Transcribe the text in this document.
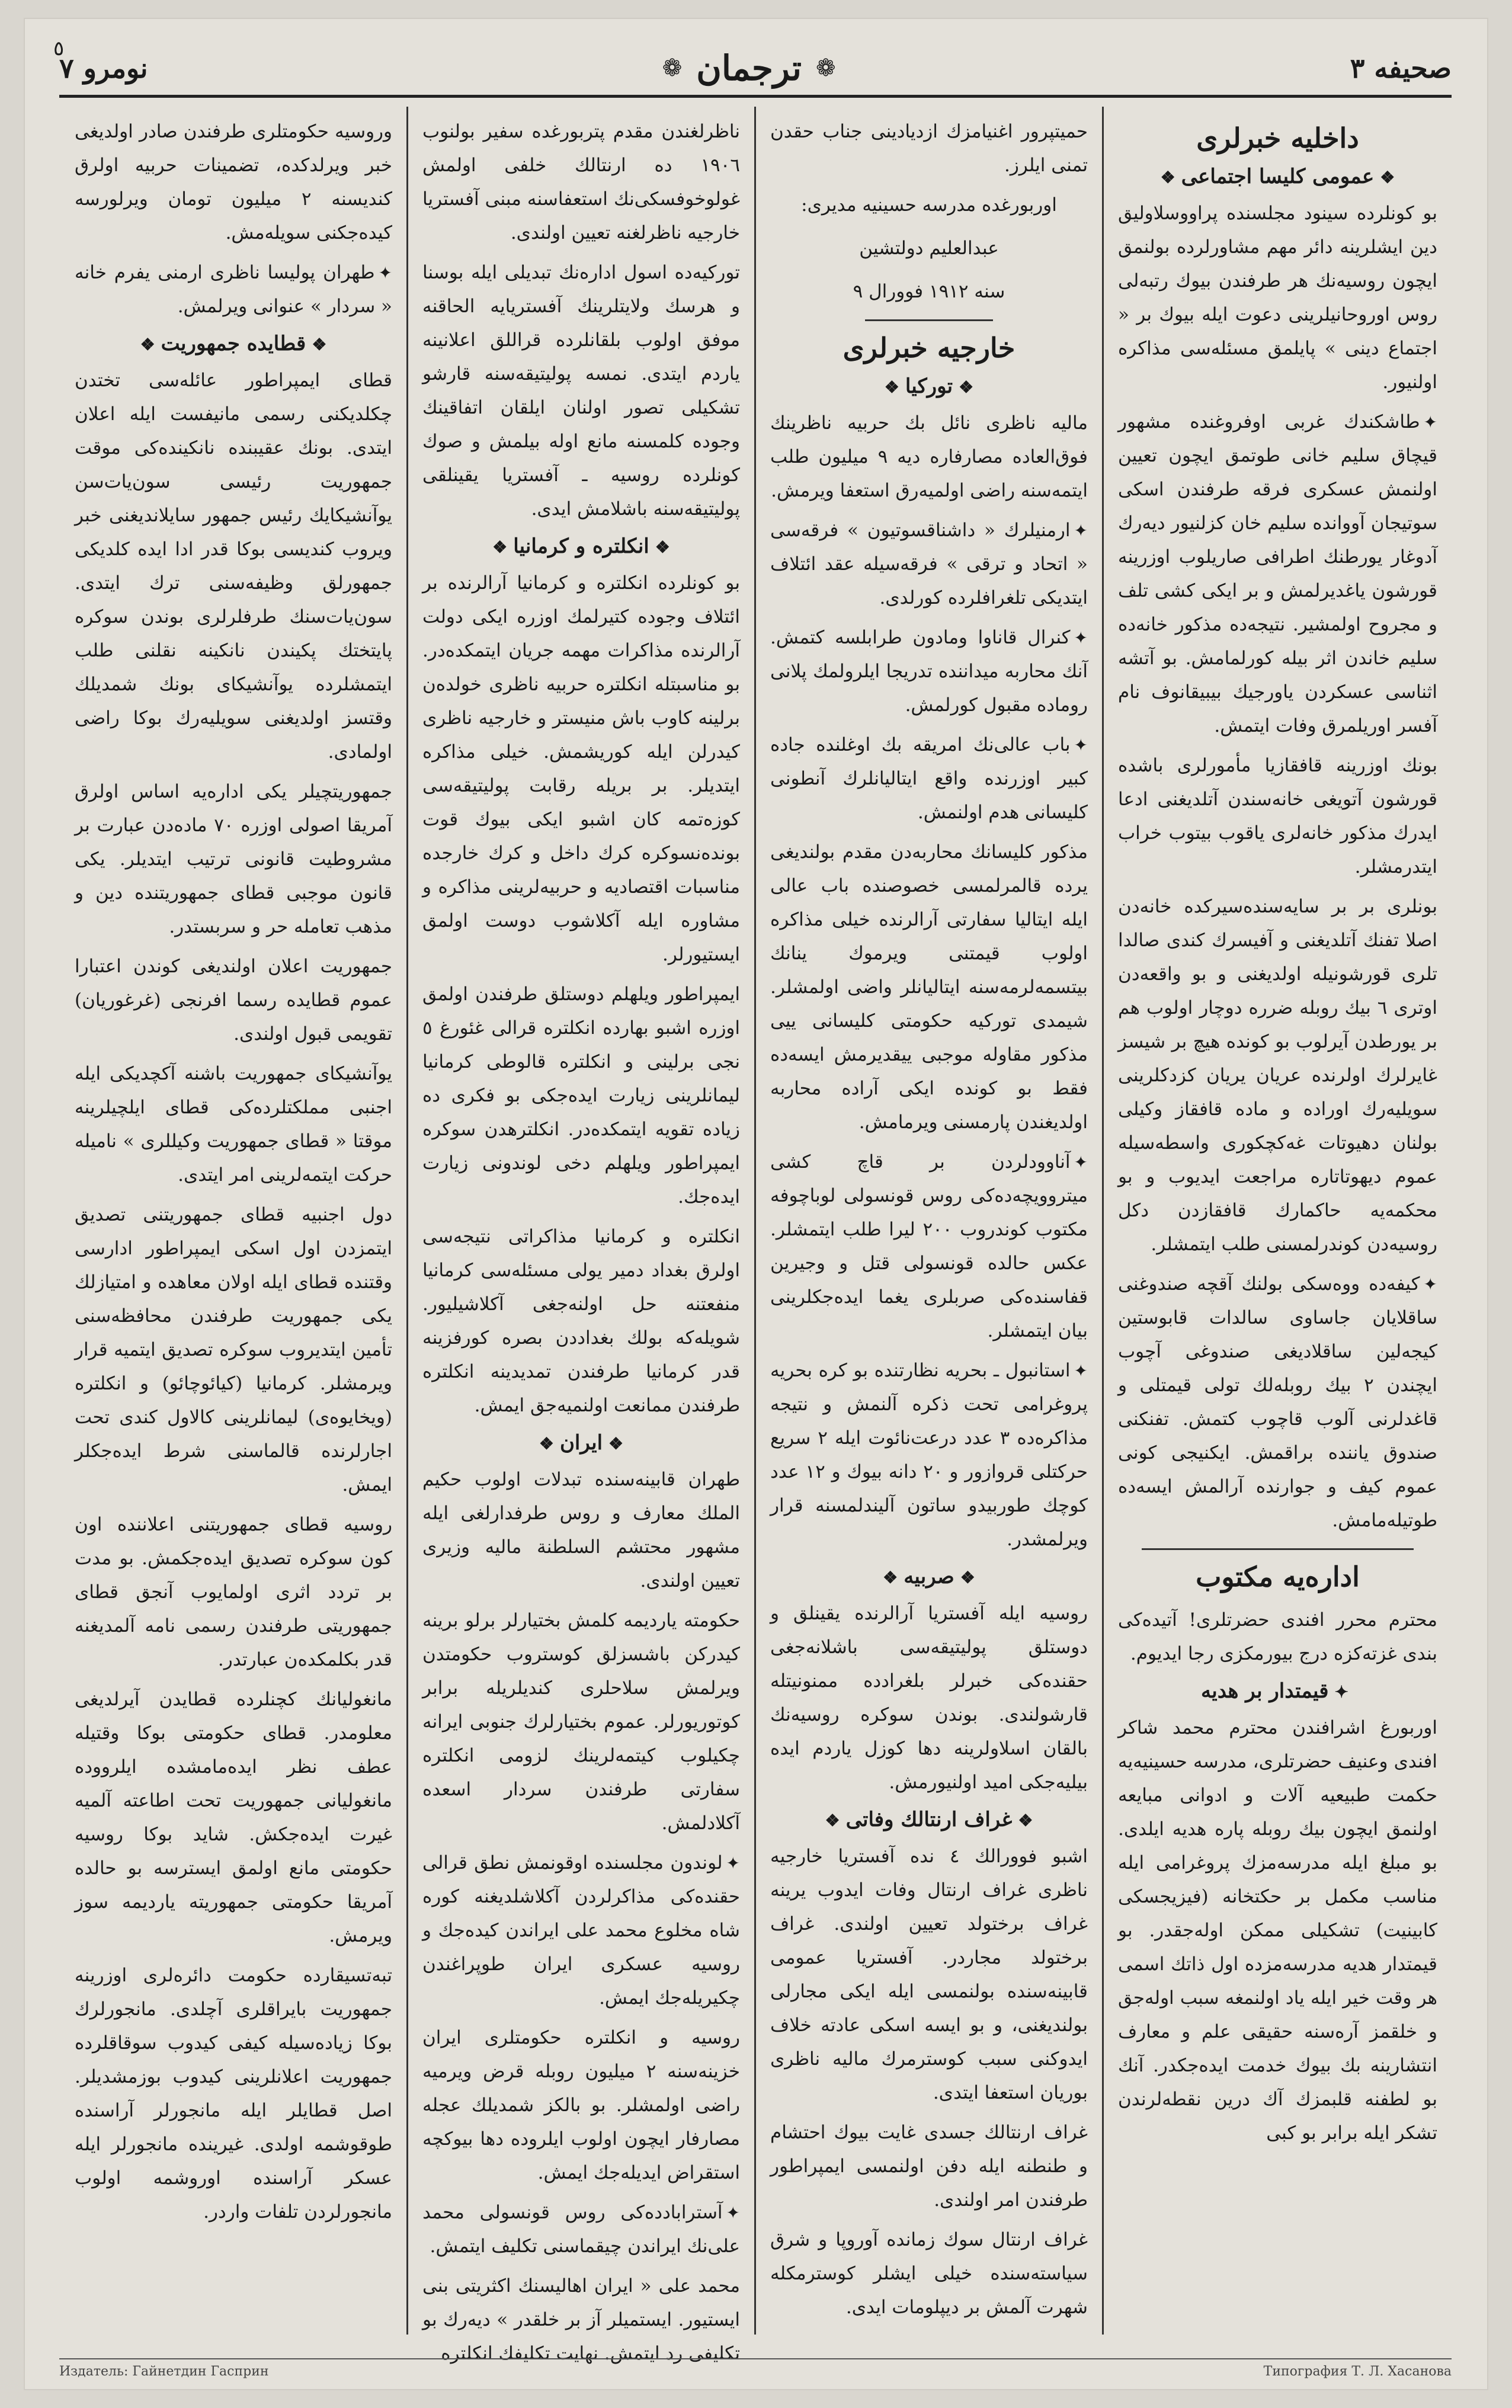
صحیفه ۳
❁
ترجمان
❁
نومرو ۷
٥
داخلیه خبرلری
❖عمومی کلیسا اجتماعی❖

بو کونلرده سینود مجلسنده پراووسلاولیق دین ایشلرینه دائر مهم مشاورلرده بولنمق ایچون روسیه‌نك هر طرفندن بیوك رتبه‌لی روس اوروحانیلرینی دعوت ایله بیوك بر « اجتماع دینی » پایلمق مسئله‌سی مذاکره اولنیور.

✦طاشکندك غربی اوفروغنده مشهور قیچاق سلیم خانی طوتمق ایچون تعیین اولنمش عسکری فرقه طرفندن اسکی سوتیجان آووانده سلیم خان کزلنیور دیه‌رك آدوغار یورطنك اطرافی صاریلوب اوزرینه قورشون یاغدیرلمش و بر ایکی کشی تلف و مجروح اولمشیر. نتیجه‌ده مذکور خانه‌ده سلیم خاندن اثر بیله کورلمامش. بو آتشه اثناسی عسکردن یاورجیك بیبیقانوف نام آفسر اوریلمرق وفات ایتمش.

بونك اوزرینه قافقازیا مأمورلری باشده قورشون آتویغی خانه‌سندن آتلدیغنی ادعا ایدرك مذکور خانه‌لری یاقوب بیتوب خراب ایتدرمشلر.

بونلری بر بر سایه‌سنده‌سیرکده خانه‌دن اصلا تفنك آتلدیغنی و آفیسرك کندی صالدا تلری قورشونیله اولدیغنی و بو واقعه‌دن اوتری ٦ بیك روبله ضرره دوچار اولوب هم بر یورطدن آیرلوب بو کونده هیچ بر شیسز غایرلرك اولرنده عریان یریان کزدکلرینی سویلیه‌رك اوراده و ماده قافقاز وکیلی بولنان دهیوتات غه‌کچکوری واسطه‌سیله عموم دیهوتاتاره مراجعت ایدیوب و بو محکمه‌یه حاکمارك قافقازدن دکل روسیه‌دن کوندرلمسنی طلب ایتمشلر.

✦کیفه‌ده ووه‌سکی بولنك آقچه صندوغنی ساقلایان جاساوی سالدات قابوستین کیجه‌لین ساقلادیغی صندوغی آچوب ایچندن ۲ بیك روبله‌لك تولی قیمتلی و قاغدلرنی آلوب قاچوب کتمش. تفنکنی صندوق یاننده براقمش. ایکنیجی کونی عموم کیف و جوارنده آرالمش ایسه‌ده طوتیله‌مامش.

اداره‌یه مکتوب

محترم محرر افندی حضرتلری! آتیده‌کی بندی غزته‌کزه درج بیورمکزی رجا ایدیوم.

✦قیمتدار بر هدیه

اوربورغ اشرافندن محترم محمد شاکر افندی وعنیف حضرتلری، مدرسه حسینیه‌یه حکمت طبیعیه آلات و ادوانی مبایعه اولنمق ایچون بیك روبله پاره هدیه ایلدی. بو مبلغ ایله مدرسه‌مزك پروغرامی ایله مناسب مکمل بر حکتخانه (فیزیجسکی کابینیت) تشکیلی ممکن اوله‌جقدر. بو قیمتدار هدیه مدرسه‌مزده اول ذاتك اسمی هر وقت خیر ایله یاد اولنمغه سبب اوله‌جق و خلقمز آره‌سنه حقیقی علم و معارف انتشارینه بك بیوك خدمت ایده‌جکدر. آنك بو لطفنه قلبمزك آك درین نقطه‌لرندن تشکر ایله برابر بو کبی

حمیتپرور اغنیامزك ازدیادینی جناب حقدن تمنی ایلرز.

اوربورغده مدرسه حسینیه مدیری:
عبدالعلیم دولتشین
سنه ۱۹۱۲ فوورال ۹
خارجیه خبرلری
❖توركیا❖

مالیه ناظری نائل بك حربیه ناظرینك فوق‌العاده مصارفاره دیه ۹ میلیون طلب ایتمه‌سنه راضی اولمیه‌رق استعفا ویرمش.

✦ارمنیلرك « داشناقسوتیون » فرقه‌سی « اتحاد و ترقی » فرقه‌سیله عقد ائتلاف ایتدیکی تلغرافلرده کورلدی.

✦کنرال قاناوا ومادون طرابلسه کتمش. آنك محاربه میداننده تدریجا ایلرولمك پلانی روماده مقبول کورلمش.

✦باب عالی‌نك امریقه بك اوغلنده جاده کبیر اوزرنده واقع ایتالیانلرك آنطونی کلیسانی هدم اولنمش.

مذکور کلیسانك محاربه‌دن مقدم بولندیغی یرده قالمرلمسی خصوصنده باب عالی ایله ایتالیا سفارتی آرالرنده خیلی مذاکره اولوب قیمتنی ویرموك ینانك بیتسمه‌لرمه‌سنه ایتالیانلر واضی اولمشلر. شیمدی تورکیه حکومتی کلیسانی ییی مذکور مقاوله موجبی ییقدیرمش ایسه‌ده فقط بو کونده ایکی آراده محاربه اولدیغندن پارمسنی ویرمامش.

✦آناوودلردن بر قاچ کشی میتروویچه‌ده‌کی روس قونسولی لوباچوفه مکتوب کوندروب ۲۰۰ لیرا طلب ایتمشلر. عکس حالده قونسولی قتل و وجیرین قفاسنده‌کی صربلری یغما ایده‌جکلرینی بیان ایتمشلر.

✦استانبول ـ بحریه نظارتنده بو کره بحریه پروغرامی تحت ذکره آلنمش و نتیجه مذاکره‌ده ۳ عدد درعت‌نائوت ایله ۲ سریع حرکتلی قروازور و ۲۰ دانه بیوك و ۱۲ عدد کوچك طوربیدو ساتون آلیندلمسنه قرار ویرلمشدر.

❖صربیه❖

روسیه ایله آفستریا آرالرنده یقینلق و دوستلق پولیتیقه‌سی باشلانه‌جغی حقنده‌کی خبرلر بلغرادده ممنونیتله قارشولندی. بوندن سوکره روسیه‌نك بالقان اسلاولرینه دها کوزل یاردم ایده بیلیه‌جکی امید اولنیورمش.

❖غراف ارنتالك وفاتی❖

اشبو فوورالك ٤ نده آفستریا خارجیه ناظری غراف ارنتال وفات ایدوب یرینه غراف برختولد تعیین اولندی. غراف برختولد مجاردر. آفستریا عمومی قابینه‌سنده بولنمسی ایله ایکی مجارلی بولندیغنی، و بو ایسه اسکی عادته خلاف ایدوکنی سبب کوسترمرك مالیه ناظری بوریان استعفا ایتدی.

غراف ارنتالك جسدی غایت بیوك احتشام و طنطنه ایله دفن اولنمسی ایمپراطور طرفندن امر اولندی.

غراف ارنتال سوك زمانده آوروپا و شرق سیاسته‌سنده خیلی ایشلر کوسترمکله شهرت آلمش بر دیپلومات ایدی.

ناظرلغندن مقدم پتربورغده سفیر بولنوب ۱۹۰٦ ده ارنتالك خلفی اولمش غولوخوفسکی‌نك استعفاسنه مبنی آفستریا خارجیه ناظرلغنه تعیین اولندی.

تورکیه‌ده اسول اداره‌نك تبدیلی ایله بوسنا و هرسك ولایتلرینك آفستریایه الحاقنه موفق اولوب بلقانلرده قراللق اعلانینه یاردم ایتدی. نمسه پولیتیقه‌سنه قارشو تشکیلی تصور اولنان ایلقان اتفاقینك وجوده کلمسنه مانع اوله بیلمش و صوك کونلرده روسیه ـ آفستریا یقینلقی پولیتیقه‌سنه باشلامش ایدی.

❖انکلتره و کرمانیا❖

بو کونلرده انکلتره و کرمانیا آرالرنده بر ائتلاف وجوده کتیرلمك اوزره ایکی دولت آرالرنده مذاکرات مهمه جریان ایتمکده‌در. بو مناسبتله انکلتره حربیه ناظری خولده‌ن برلینه کاوب باش منیستر و خارجیه ناظری کیدرلن ایله کوریشمش. خیلی مذاکره ایتدیلر. بر بریله رقابت پولیتیقه‌سی کوزه‌تمه کان اشبو ایکی بیوك قوت بونده‌نسوکره کرك داخل و کرك خارجده مناسبات اقتصادیه و حربیه‌لرینی مذاکره و مشاوره ایله آکلاشوب دوست اولمق ایستیورلر.

ایمپراطور ویلهلم دوستلق طرفندن اولمق اوزره اشبو بهارده انکلتره قرالی غئورغ ٥ نجی برلینی و انکلتره قالوطی کرمانیا لیمانلرینی زیارت ایده‌جکی بو فکری ده زیاده تقویه ایتمکده‌در. انکلترهدن سوکره ایمپراطور ویلهلم دخی لوندونی زیارت ایده‌جك.

انکلتره و کرمانیا مذاکراتی نتیجه‌سی اولرق بغداد دمیر یولی مسئله‌سی کرمانیا منفعتنه حل اولنه‌جغی آکلاشیلیور. شویله‌که بولك بغداددن بصره کورفزینه قدر کرمانیا طرفندن تمدیدینه انکلتره طرفندن ممانعت اولنمیه‌جق ایمش.

❖ایران❖

طهران قابینه‌سنده تبدلات اولوب حکیم الملك معارف و روس طرفدارلغی ایله مشهور محتشم السلطنة مالیه وزیری تعیین اولندی.

حکومته یاردیمه کلمش بختیارلر برلو برینه کیدرکن باشسزلق کوستروب حکومتدن ویرلمش سلاحلری کندیلریله برابر کوتوریورلر. عموم بختیارلرك جنوبی ایرانه چکیلوب کیتمه‌لرینك لزومی انکلتره سفارتی طرفندن سردار اسعده آکلادلمش.

✦لوندون مجلسنده اوقونمش نطق قرالی حقنده‌کی مذاکرلردن آکلاشلدیغنه کوره شاه مخلوع محمد علی ایراندن کیده‌جك و روسیه عسکری ایران طوپراغندن چکیریله‌جك ایمش.

روسیه و انکلتره حکومتلری ایران خزینه‌سنه ۲ میلیون روبله قرض ویرمیه راضی اولمشلر. بو بالکز شمدیلك عجله مصارفار ایچون اولوب ایلروده دها بیوکچه استقراض ایدیله‌جك ایمش.

✦آسترابادده‌کی روس قونسولی محمد علی‌نك ایراندن چیقماسنی تکلیف ایتمش.

محمد علی « ایران اهالیسنك اکثریتی بنی ایستیور. ایستمیلر آز بر خلقدر » دیه‌رك بو تکلیفی رد ایتمش. نهایت تکلیفك انکلتره

وروسیه حکومتلری طرفندن صادر اولدیغی خبر ویرلدکده، تضمینات حربیه اولرق کندیسنه ۲ میلیون تومان ویرلورسه کیده‌جکنی سویله‌مش.

✦طهران پولیسا ناظری ارمنی یفرم خانه « سردار » عنوانی ویرلمش.

❖قطایده جمهوریت❖

قطای ایمپراطور عائله‌سی تختدن چکلدیکنی رسمی مانیفست ایله اعلان ایتدی. بونك عقیبنده نانکینده‌کی موقت جمهوریت رئیسی سون‌یات‌سن یوآنشیکایك رئیس جمهور سایلاندیغنی خبر ویروب کندیسی بوکا قدر ادا ایده کلدیکی جمهورلق وظیفه‌سنی ترك ایتدی. سون‌یات‌سنك طرفلرلری بوندن سوکره پایتختك پکیندن نانکینه نقلنی طلب ایتمشلرده یوآنشیکای بونك شمدیلك وقتسز اولدیغنی سویلیه‌رك بوکا راضی اولمادی.

جمهوریتچیلر یکی اداره‌یه اساس اولرق آمریقا اصولی اوزره ۷۰ ماده‌دن عبارت بر مشروطیت قانونی ترتیب ایتدیلر. یکی قانون موجبی قطای جمهوریتنده دین و مذهب تعامله حر و سربستدر.

جمهوریت اعلان اولندیغی کوندن اعتبارا عموم قطایده رسما افرنجی (غرغوریان) تقویمی قبول اولندی.

یوآنشیکای جمهوریت باشنه آکچدیکی ایله اجنبی مملکتلرده‌کی قطای ایلچیلرینه موقتا « قطای جمهوریت وکیللری » نامیله حرکت ایتمه‌لرینی امر ایتدی.

دول اجنبیه قطای جمهوریتنی تصدیق ایتمزدن اول اسکی ایمپراطور ادارسی وقتنده قطای ایله اولان معاهده و امتیازلك یکی جمهوریت طرفندن محافظه‌سنی تأمین ایتدیروب سوکره تصدیق ایتمیه قرار ویرمشلر. کرمانیا (کیائوچائو) و انکلتره (ویخایوه‌ی) لیمانلرینی کالاول کندی تحت اجارلرنده قالماسنی شرط ایده‌جکلر ایمش.

روسیه قطای جمهوریتنی اعلاننده اون کون سوکره تصدیق ایده‌جکمش. بو مدت بر تردد اثری اولمایوب آنجق قطای جمهوریتی طرفندن رسمی نامه آلمدیغنه قدر بکلمکده‌ن عبارتدر.

مانغولیانك کچنلرده قطایدن آیرلدیغی معلومدر. قطای حکومتی بوکا وقتیله عطف نظر ایده‌مامشده ایلرووده مانغولیانی جمهوریت تحت اطاعته آلمیه غیرت ایده‌جکش. شاید بوکا روسیه حکومتی مانع اولمق ایسترسه بو حالده آمریقا حکومتی جمهوریته یاردیمه سوز ویرمش.

تبه‌تسیقارده حکومت دائره‌لری اوزرینه جمهوریت بایراقلری آچلدی. مانجورلرك بوکا زیاده‌سیله کیفی کیدوب سوقاقلرده جمهوریت اعلانلرینی کیدوب بوزمشدیلر. اصل قطایلر ایله مانجورلر آراسنده طوقوشمه اولدی. غیرینده مانجورلر ایله عسکر آراسنده اوروشمه اولوب مانجورلردن تلفات واردر.

Издатель: Гайнетдин Гасприн	Типография Т. Л. Хасанова
